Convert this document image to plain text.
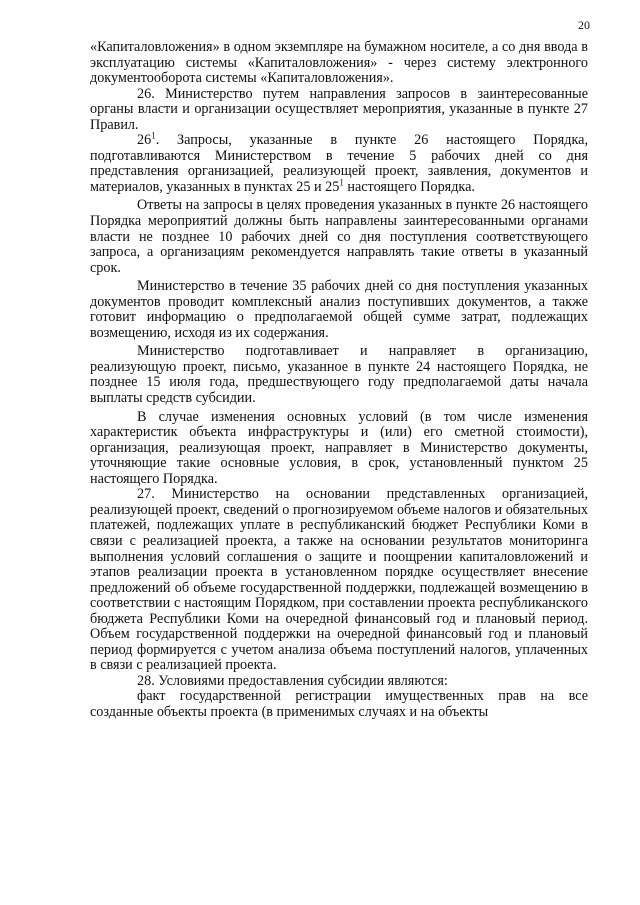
20

«Капиталовложения» в одном экземпляре на бумажном носителе, а со дня ввода в эксплуатацию системы «Капиталовложения» - через систему электронного документооборота системы «Капиталовложения».

26. Министерство путем направления запросов в заинтересованные органы власти и организации осуществляет мероприятия, указанные в пункте 27 Правил.

$26^1$. Запросы, указанные в пункте 26 настоящего Порядка, подготавливаются Министерством в течение 5 рабочих дней со дня представления организацией, реализующей проект, заявления, документов и материалов, указанных в пунктах 25 и $25^1$ настоящего Порядка.

Ответы на запросы в целях проведения указанных в пункте 26 настоящего Порядка мероприятий должны быть направлены заинтересованными органами власти не позднее 10 рабочих дней со дня поступления соответствующего запроса, а организациям рекомендуется направлять такие ответы в указанный срок.

Министерство в течение 35 рабочих дней со дня поступления указанных документов проводит комплексный анализ поступивших документов, а также готовит информацию о предполагаемой общей сумме затрат, подлежащих возмещению, исходя из их содержания.

Министерство подготавливает и направляет в организацию, реализующую проект, письмо, указанное в пункте 24 настоящего Порядка, не позднее 15 июля года, предшествующего году предполагаемой даты начала выплаты средств субсидии.

В случае изменения основных условий (в том числе изменения характеристик объекта инфраструктуры и (или) его сметной стоимости), организация, реализующая проект, направляет в Министерство документы, уточняющие такие основные условия, в срок, установленный пунктом 25 настоящего Порядка.

27. Министерство на основании представленных организацией, реализующей проект, сведений о прогнозируемом объеме налогов и обязательных платежей, подлежащих уплате в республиканский бюджет Республики Коми в связи с реализацией проекта, а также на основании результатов мониторинга выполнения условий соглашения о защите и поощрении капиталовложений и этапов реализации проекта в установленном порядке осуществляет внесение предложений об объеме государственной поддержки, подлежащей возмещению в соответствии с настоящим Порядком, при составлении проекта республиканского бюджета Республики Коми на очередной финансовый год и плановый период. Объем государственной поддержки на очередной финансовый год и плановый период формируется с учетом анализа объема поступлений налогов, уплаченных в связи с реализацией проекта.

28. Условиями предоставления субсидии являются:

факт государственной регистрации имущественных прав на все созданные объекты проекта (в применимых случаях и на объекты
